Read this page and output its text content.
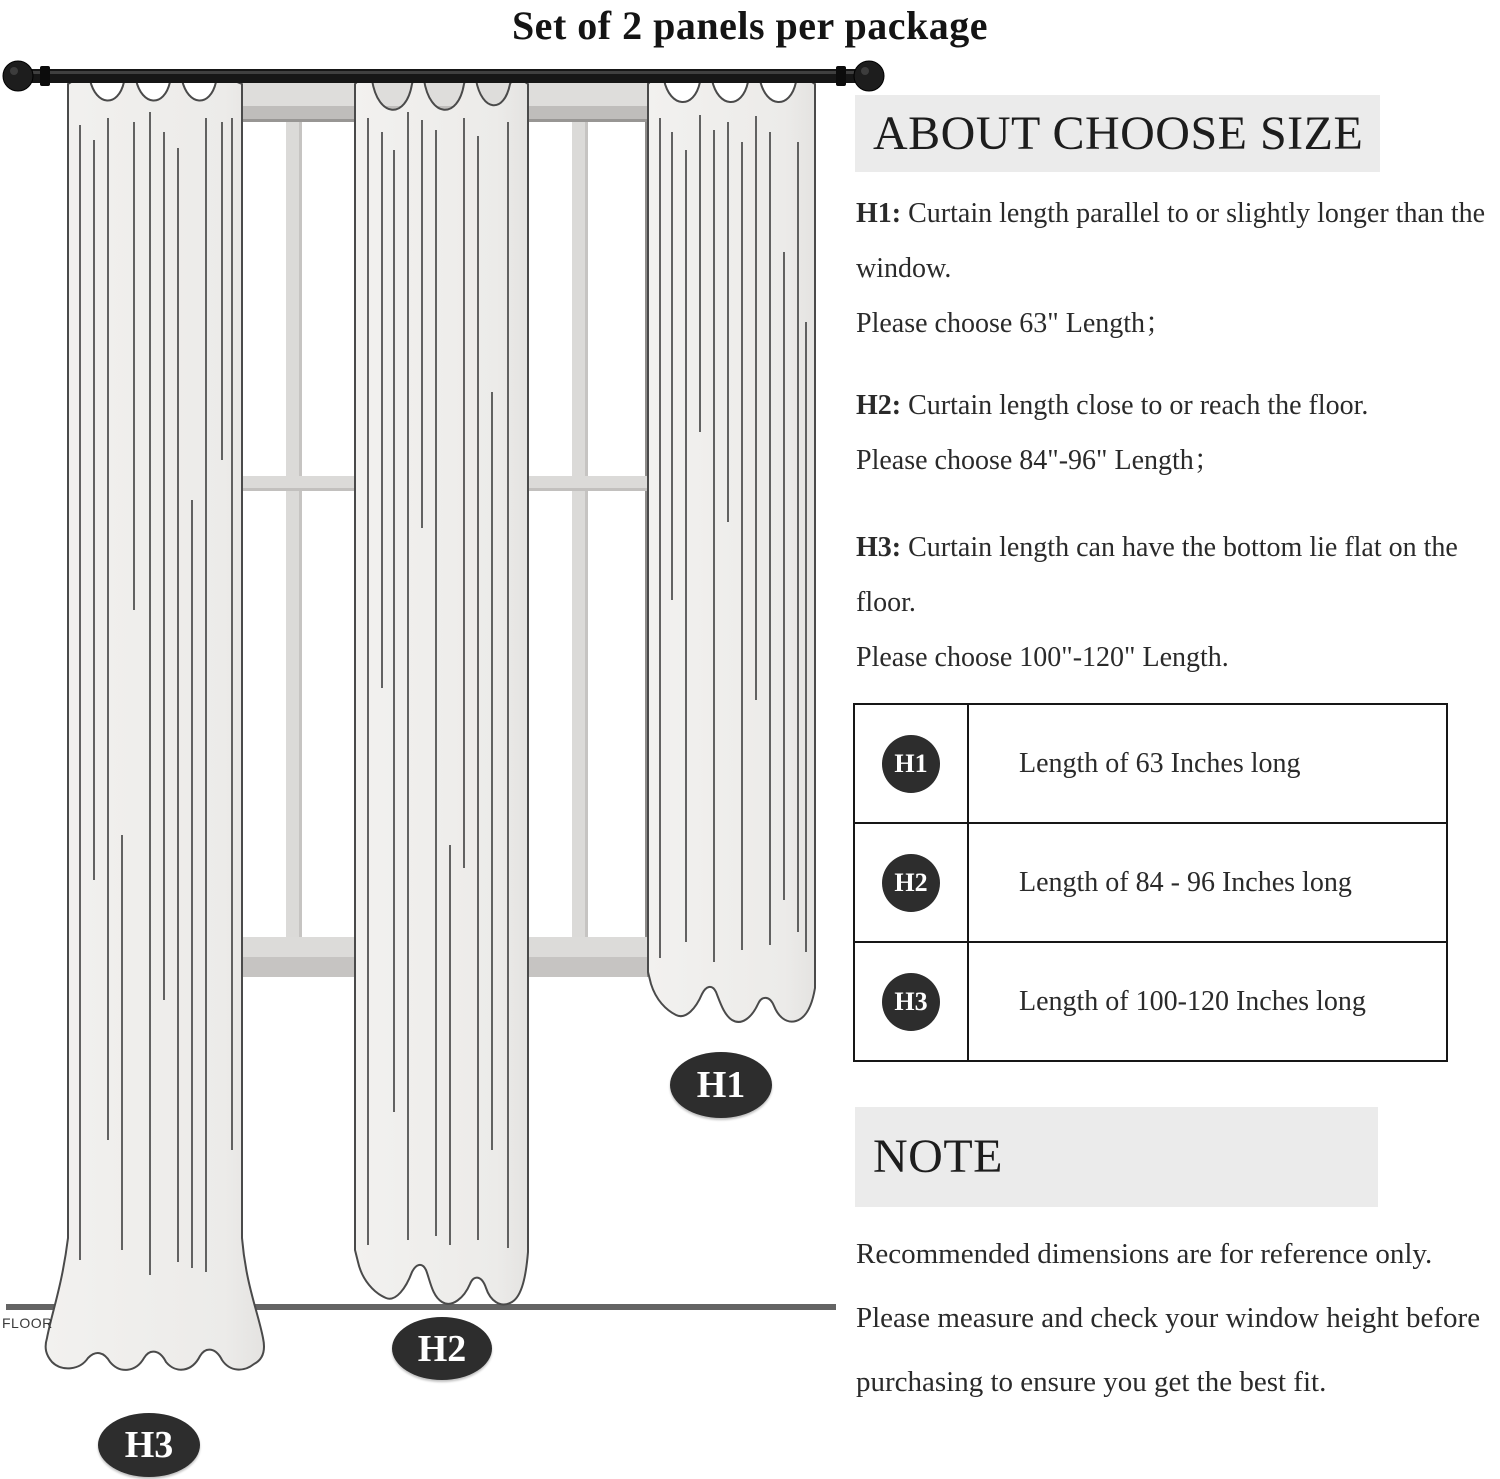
Set of 2 panels per package
FLOOR
H1
H2
H3
ABOUT CHOOSE SIZE

H1: Curtain length parallel to or slightly longer than the window.
Please choose 63" Length；

H2: Curtain length close to or reach the floor.
Please choose 84"-96" Length；

H3: Curtain length can have the bottom lie flat on the floor.
Please choose 100"-120" Length.

H1	Length of 63 Inches long

H2	Length of 84 - 96 Inches long

H3	Length of 100-120 Inches long
NOTE

Recommended dimensions are for reference only. Please measure and check your window height before purchasing to ensure you get the best fit.
